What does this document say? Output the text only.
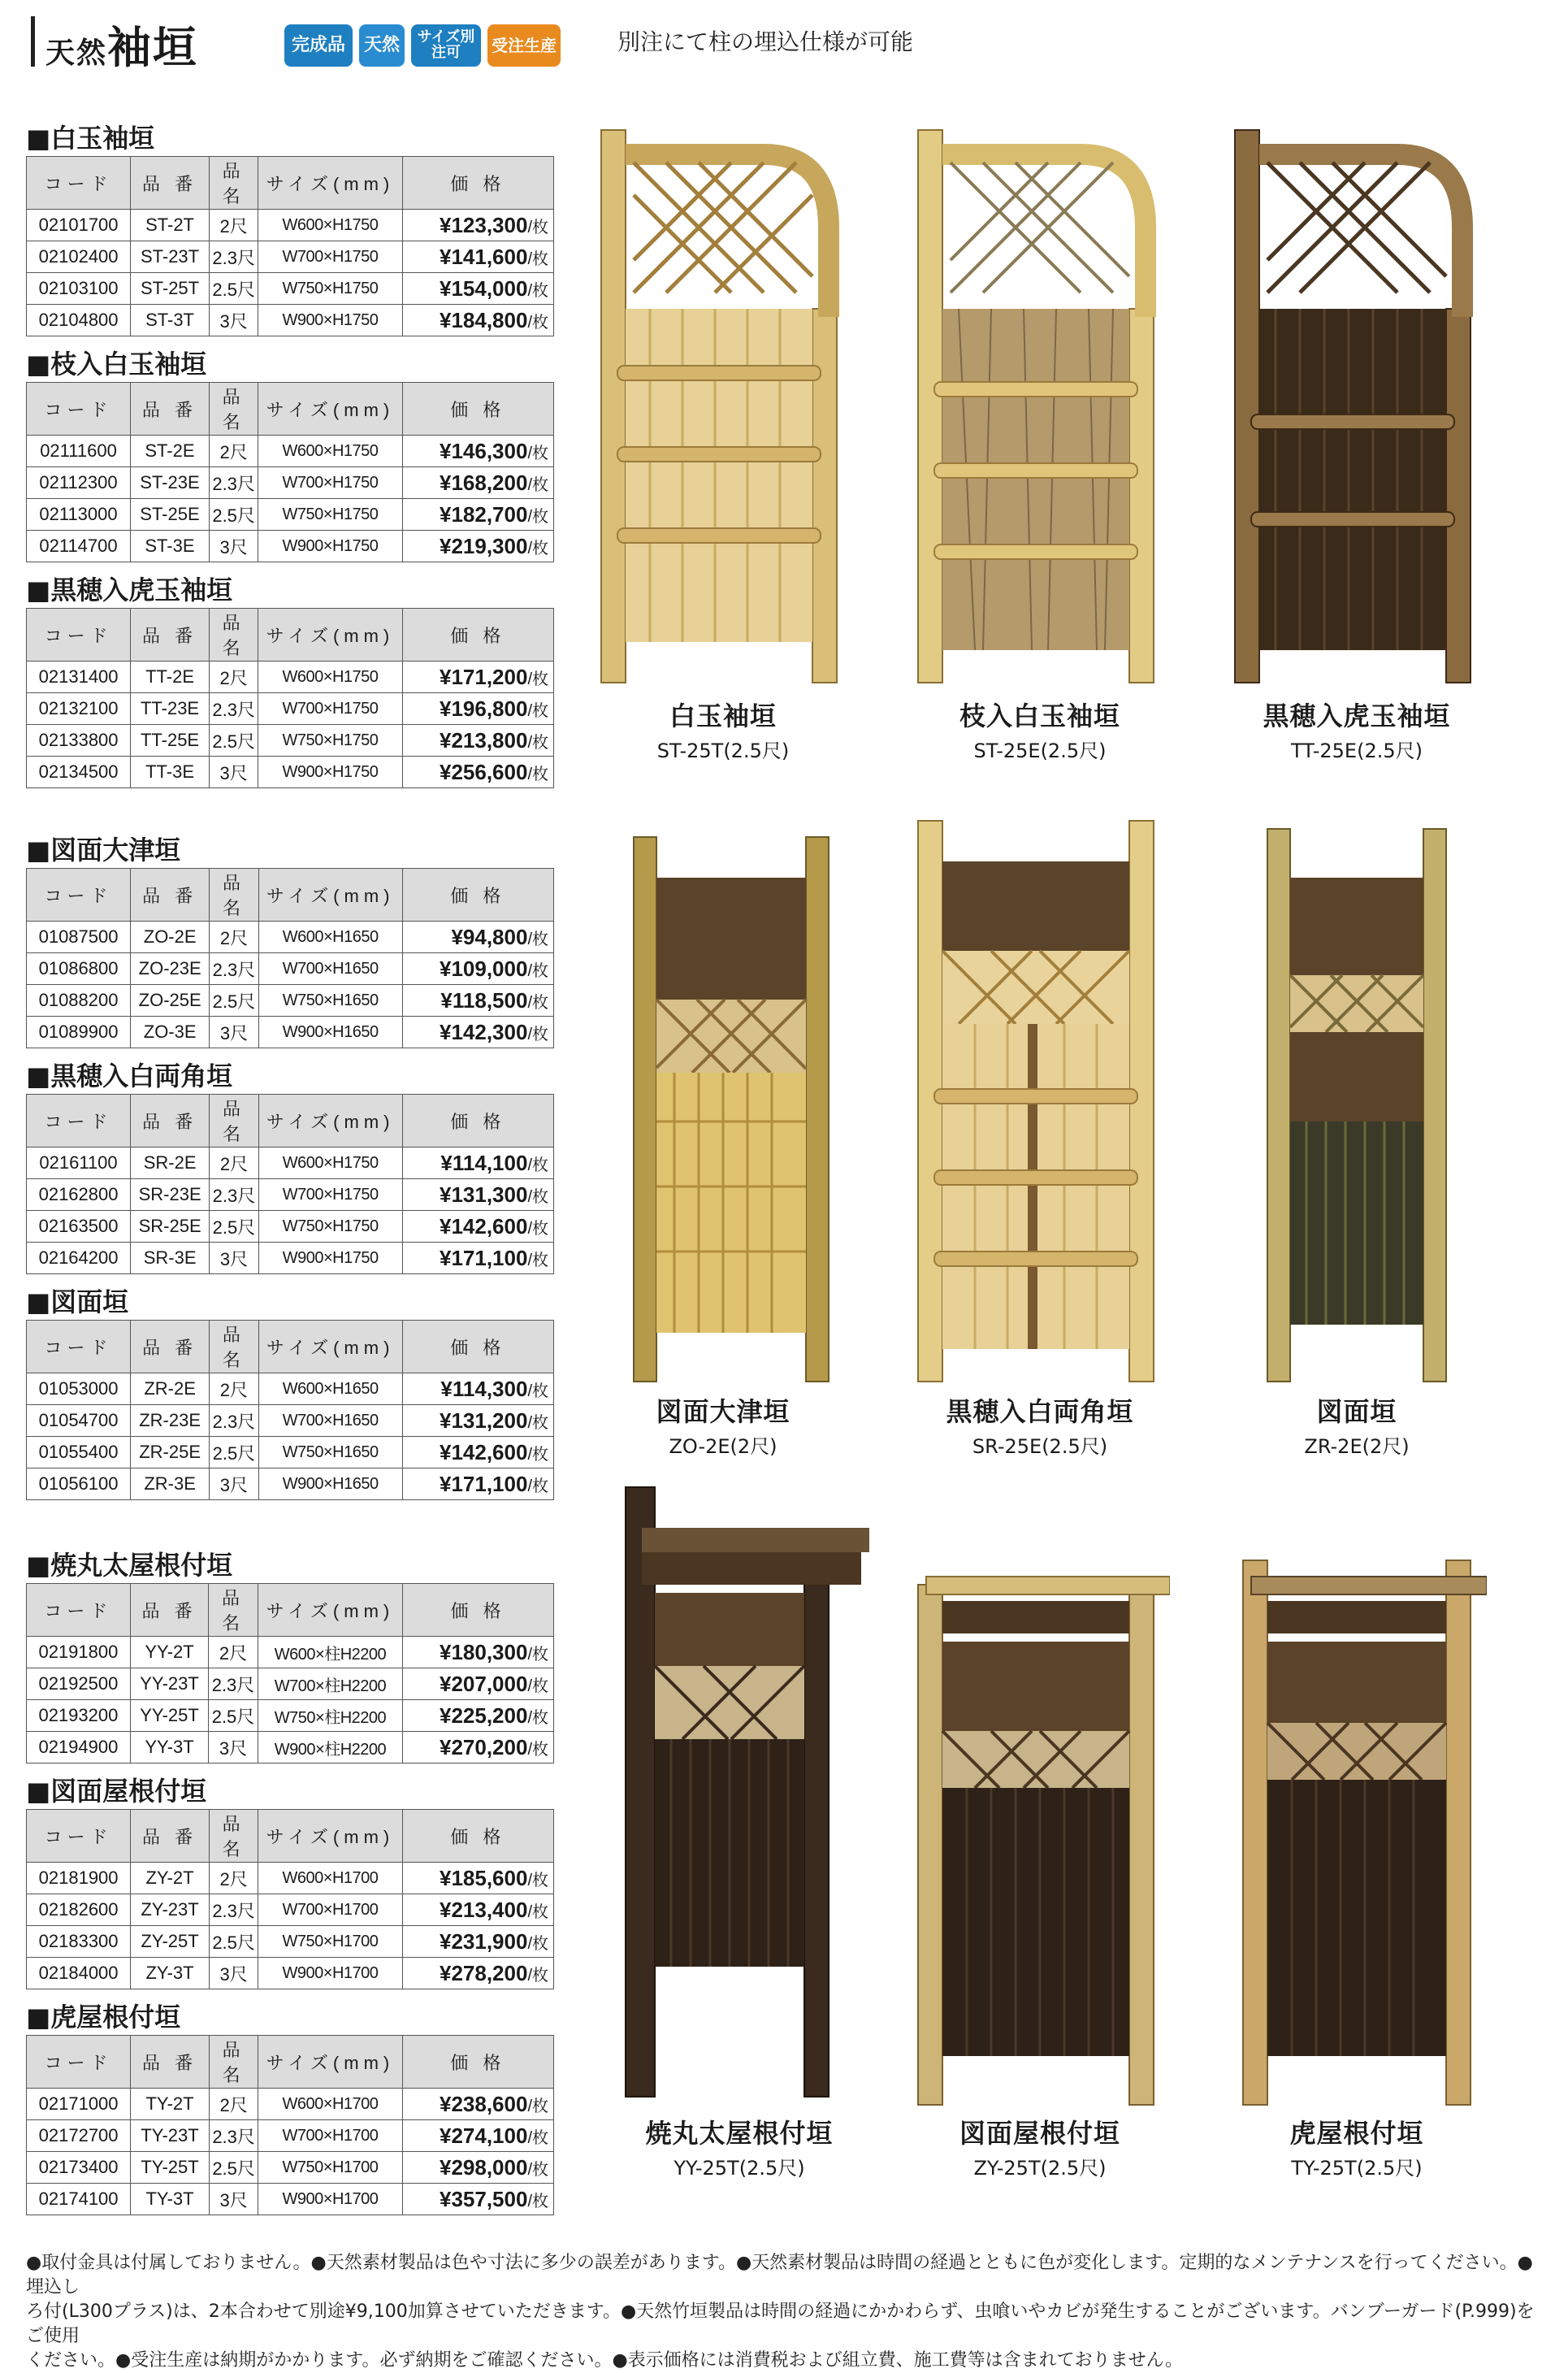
天然袖垣	完成品	天然	サイズ別注可	受注生産	別注にて柱の埋込仕様が可能
■白玉袖垣
コード	品 番	品 名	サイズ(mm)	価 格
02101700	ST-2T	2尺	W600×H1750	¥123,300/枚
02102400	ST-23T	2.3尺	W700×H1750	¥141,600/枚
02103100	ST-25T	2.5尺	W750×H1750	¥154,000/枚
02104800	ST-3T	3尺	W900×H1750	¥184,800/枚
■枝入白玉袖垣
コード	品 番	品 名	サイズ(mm)	価 格
02111600	ST-2E	2尺	W600×H1750	¥146,300/枚
02112300	ST-23E	2.3尺	W700×H1750	¥168,200/枚
02113000	ST-25E	2.5尺	W750×H1750	¥182,700/枚
02114700	ST-3E	3尺	W900×H1750	¥219,300/枚
■黒穂入虎玉袖垣
コード	品 番	品 名	サイズ(mm)	価 格
02131400	TT-2E	2尺	W600×H1750	¥171,200/枚
02132100	TT-23E	2.3尺	W700×H1750	¥196,800/枚
02133800	TT-25E	2.5尺	W750×H1750	¥213,800/枚
02134500	TT-3E	3尺	W900×H1750	¥256,600/枚
■図面大津垣
コード	品 番	品 名	サイズ(mm)	価 格
01087500	ZO-2E	2尺	W600×H1650	¥94,800/枚
01086800	ZO-23E	2.3尺	W700×H1650	¥109,000/枚
01088200	ZO-25E	2.5尺	W750×H1650	¥118,500/枚
01089900	ZO-3E	3尺	W900×H1650	¥142,300/枚
■黒穂入白両角垣
コード	品 番	品 名	サイズ(mm)	価 格
02161100	SR-2E	2尺	W600×H1750	¥114,100/枚
02162800	SR-23E	2.3尺	W700×H1750	¥131,300/枚
02163500	SR-25E	2.5尺	W750×H1750	¥142,600/枚
02164200	SR-3E	3尺	W900×H1750	¥171,100/枚
■図面垣
コード	品 番	品 名	サイズ(mm)	価 格
01053000	ZR-2E	2尺	W600×H1650	¥114,300/枚
01054700	ZR-23E	2.3尺	W700×H1650	¥131,200/枚
01055400	ZR-25E	2.5尺	W750×H1650	¥142,600/枚
01056100	ZR-3E	3尺	W900×H1650	¥171,100/枚
■焼丸太屋根付垣
コード	品 番	品 名	サイズ(mm)	価 格
02191800	YY-2T	2尺	W600×柱H2200	¥180,300/枚
02192500	YY-23T	2.3尺	W700×柱H2200	¥207,000/枚
02193200	YY-25T	2.5尺	W750×柱H2200	¥225,200/枚
02194900	YY-3T	3尺	W900×柱H2200	¥270,200/枚
■図面屋根付垣
コード	品 番	品 名	サイズ(mm)	価 格
02181900	ZY-2T	2尺	W600×H1700	¥185,600/枚
02182600	ZY-23T	2.3尺	W700×H1700	¥213,400/枚
02183300	ZY-25T	2.5尺	W750×H1700	¥231,900/枚
02184000	ZY-3T	3尺	W900×H1700	¥278,200/枚
■虎屋根付垣
コード	品 番	品 名	サイズ(mm)	価 格
02171000	TY-2T	2尺	W600×H1700	¥238,600/枚
02172700	TY-23T	2.3尺	W700×H1700	¥274,100/枚
02173400	TY-25T	2.5尺	W750×H1700	¥298,000/枚
02174100	TY-3T	3尺	W900×H1700	¥357,500/枚
白玉袖垣
ST-25T(2.5尺)
枝入白玉袖垣
ST-25E(2.5尺)
黒穂入虎玉袖垣
TT-25E(2.5尺)
図面大津垣
ZO-2E(2尺)
黒穂入白両角垣
SR-25E(2.5尺)
図面垣
ZR-2E(2尺)
焼丸太屋根付垣
YY-25T(2.5尺)
図面屋根付垣
ZY-25T(2.5尺)
虎屋根付垣
TY-25T(2.5尺)
●取付金具は付属しておりません。●天然素材製品は色や寸法に多少の誤差があります。●天然素材製品は時間の経過とともに色が変化します。定期的なメンテナンスを行ってください。●埋込し
ろ付(L300プラス)は、2本合わせて別途¥9,100加算させていただきます。●天然竹垣製品は時間の経過にかかわらず、虫喰いやカビが発生することがございます。バンブーガード(P.999)をご使用
ください。●受注生産は納期がかかります。必ず納期をご確認ください。●表示価格には消費税および組立費、施工費等は含まれておりません。
